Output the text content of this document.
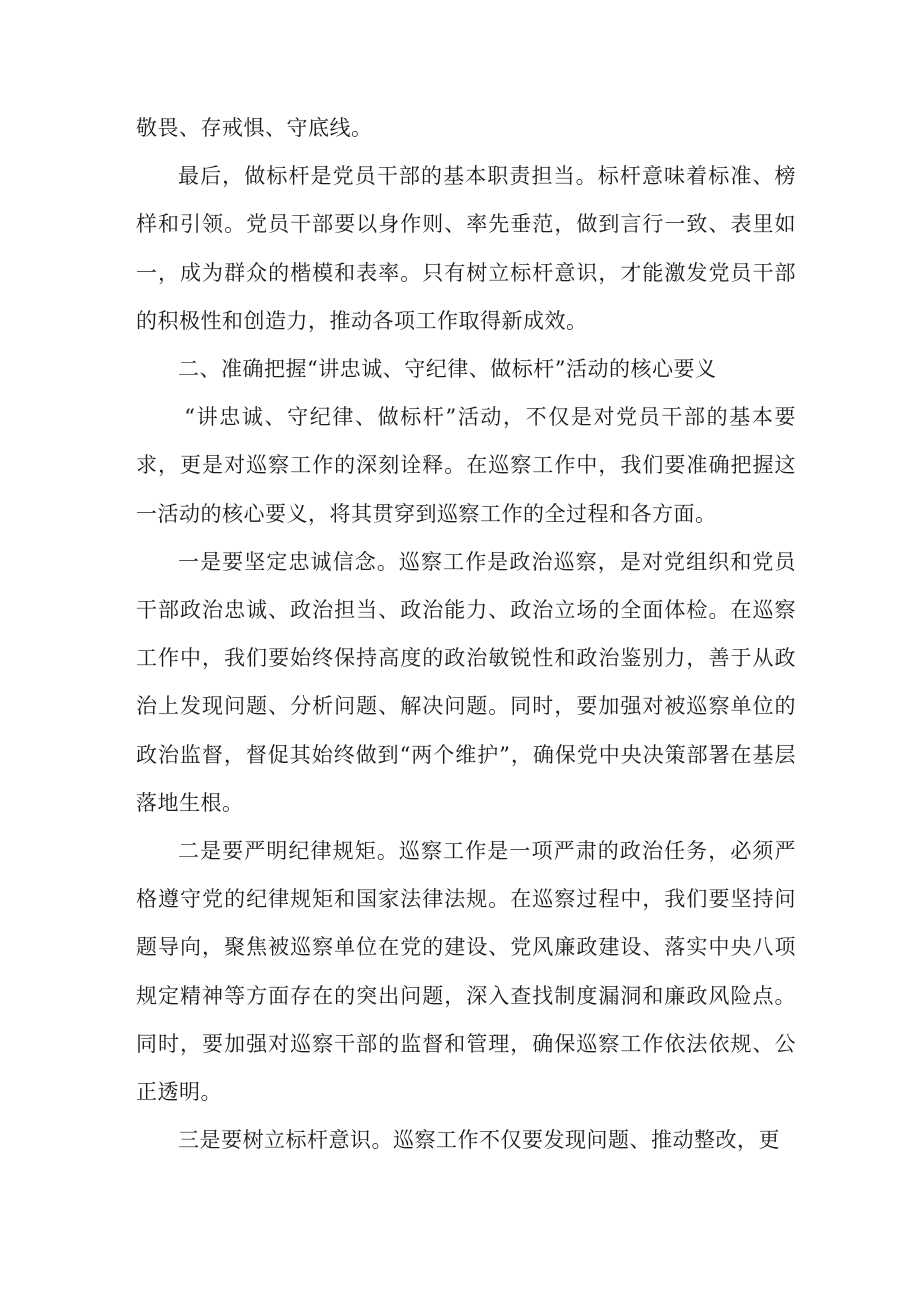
敬畏、存戒惧、守底线。

最后，做标杆是党员干部的基本职责担当。标杆意味着标准、榜样和引领。党员干部要以身作则、率先垂范，做到言行一致、表里如一，成为群众的楷模和表率。只有树立标杆意识，才能激发党员干部的积极性和创造力，推动各项工作取得新成效。

二、准确把握“讲忠诚、守纪律、做标杆”活动的核心要义

“讲忠诚、守纪律、做标杆”活动，不仅是对党员干部的基本要求，更是对巡察工作的深刻诠释。在巡察工作中，我们要准确把握这一活动的核心要义，将其贯穿到巡察工作的全过程和各方面。

一是要坚定忠诚信念。巡察工作是政治巡察，是对党组织和党员干部政治忠诚、政治担当、政治能力、政治立场的全面体检。在巡察工作中，我们要始终保持高度的政治敏锐性和政治鉴别力，善于从政治上发现问题、分析问题、解决问题。同时，要加强对被巡察单位的政治监督，督促其始终做到“两个维护”，确保党中央决策部署在基层落地生根。

二是要严明纪律规矩。巡察工作是一项严肃的政治任务，必须严格遵守党的纪律规矩和国家法律法规。在巡察过程中，我们要坚持问题导向，聚焦被巡察单位在党的建设、党风廉政建设、落实中央八项规定精神等方面存在的突出问题，深入查找制度漏洞和廉政风险点。同时，要加强对巡察干部的监督和管理，确保巡察工作依法依规、公正透明。

三是要树立标杆意识。巡察工作不仅要发现问题、推动整改，更
